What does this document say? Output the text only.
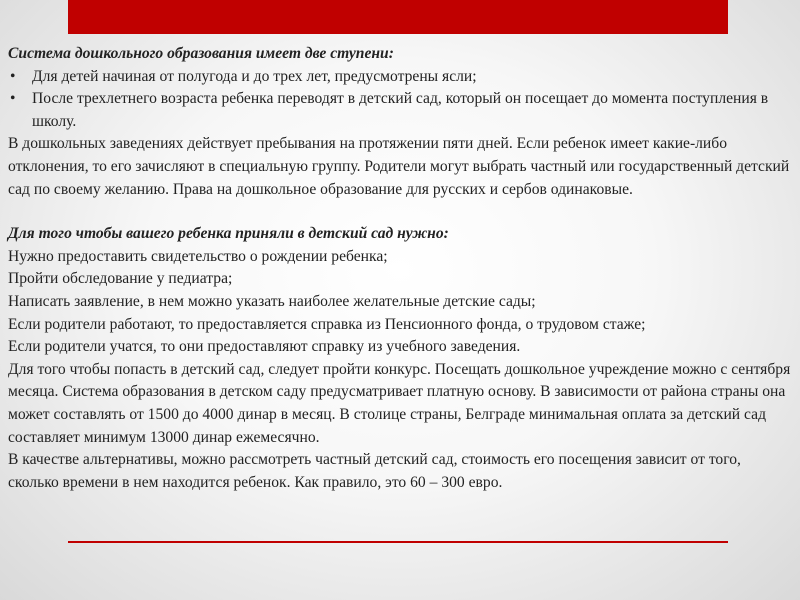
Система дошкольного образования имеет две ступени:

• Для детей начиная от полугода и до трех лет, предусмотрены ясли;
• После трехлетнего возраста ребенка переводят в детский сад, который он посещает до момента поступления в школу.

В дошкольных заведениях действует пребывания на протяжении пяти дней. Если ребенок имеет какие-либо отклонения, то его зачисляют в специальную группу. Родители могут выбрать частный или государственный детский сад по своему желанию. Права на дошкольное образование для русских и сербов одинаковые.

Для того чтобы вашего ребенка приняли в детский сад нужно:

Нужно предоставить свидетельство о рождении ребенка;

Пройти обследование у педиатра;

Написать заявление, в нем можно указать наиболее желательные детские сады;

Если родители работают, то предоставляется справка из Пенсионного фонда, о трудовом стаже;

Если родители учатся, то они предоставляют справку из учебного заведения.

Для того чтобы попасть в детский сад, следует пройти конкурс. Посещать дошкольное учреждение можно с сентября месяца. Система образования в детском саду предусматривает платную основу. В зависимости от района страны она может составлять от 1500 до 4000 динар в месяц. В столице страны, Белграде минимальная оплата за детский сад составляет минимум 13000 динар ежемесячно.

В качестве альтернативы, можно рассмотреть частный детский сад, стоимость его посещения зависит от того, сколько времени в нем находится ребенок. Как правило, это 60 – 300 евро.
